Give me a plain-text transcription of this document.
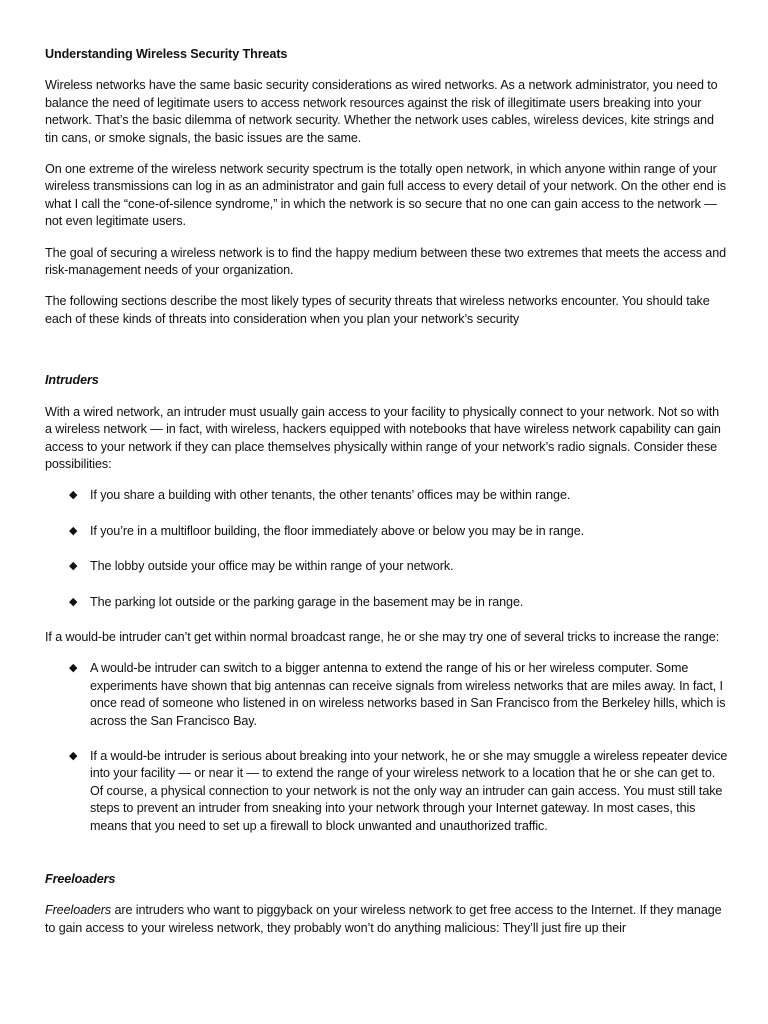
Understanding Wireless Security Threats

Wireless networks have the same basic security considerations as wired networks. As a network administrator, you need to balance the need of legitimate users to access network resources against the risk of illegitimate users breaking into your network. That’s the basic dilemma of network security. Whether the network uses cables, wireless devices, kite strings and tin cans, or smoke signals, the basic issues are the same.

On one extreme of the wireless network security spectrum is the totally open network, in which anyone within range of your wireless transmissions can log in as an administrator and gain full access to every detail of your network. On the other end is what I call the “cone-of-silence syndrome,” in which the network is so secure that no one can gain access to the network — not even legitimate users.

The goal of securing a wireless network is to find the happy medium between these two extremes that meets the access and risk-management needs of your organization.

The following sections describe the most likely types of security threats that wireless networks encounter. You should take each of these kinds of threats into consideration when you plan your network’s security

Intruders

With a wired network, an intruder must usually gain access to your facility to physically connect to your network. Not so with a wireless network — in fact, with wireless, hackers equipped with notebooks that have wireless network capability can gain access to your network if they can place themselves physically within range of your network’s radio signals. Consider these possibilities:

◆ If you share a building with other tenants, the other tenants’ offices may be within range.
◆ If you’re in a multifloor building, the floor immediately above or below you may be in range.
◆ The lobby outside your office may be within range of your network.
◆ The parking lot outside or the parking garage in the basement may be in range.

If a would-be intruder can’t get within normal broadcast range, he or she may try one of several tricks to increase the range:

◆ A would-be intruder can switch to a bigger antenna to extend the range of his or her wireless computer. Some experiments have shown that big antennas can receive signals from wireless networks that are miles away. In fact, I once read of someone who listened in on wireless networks based in San Francisco from the Berkeley hills, which is across the San Francisco Bay.
◆ If a would-be intruder is serious about breaking into your network, he or she may smuggle a wireless repeater device into your facility — or near it — to extend the range of your wireless network to a location that he or she can get to. Of course, a physical connection to your network is not the only way an intruder can gain access. You must still take steps to prevent an intruder from sneaking into your network through your Internet gateway. In most cases, this means that you need to set up a firewall to block unwanted and unauthorized traffic.
Freeloaders

Freeloaders are intruders who want to piggyback on your wireless network to get free access to the Internet. If they manage to gain access to your wireless network, they probably won’t do anything malicious: They’ll just fire up their
